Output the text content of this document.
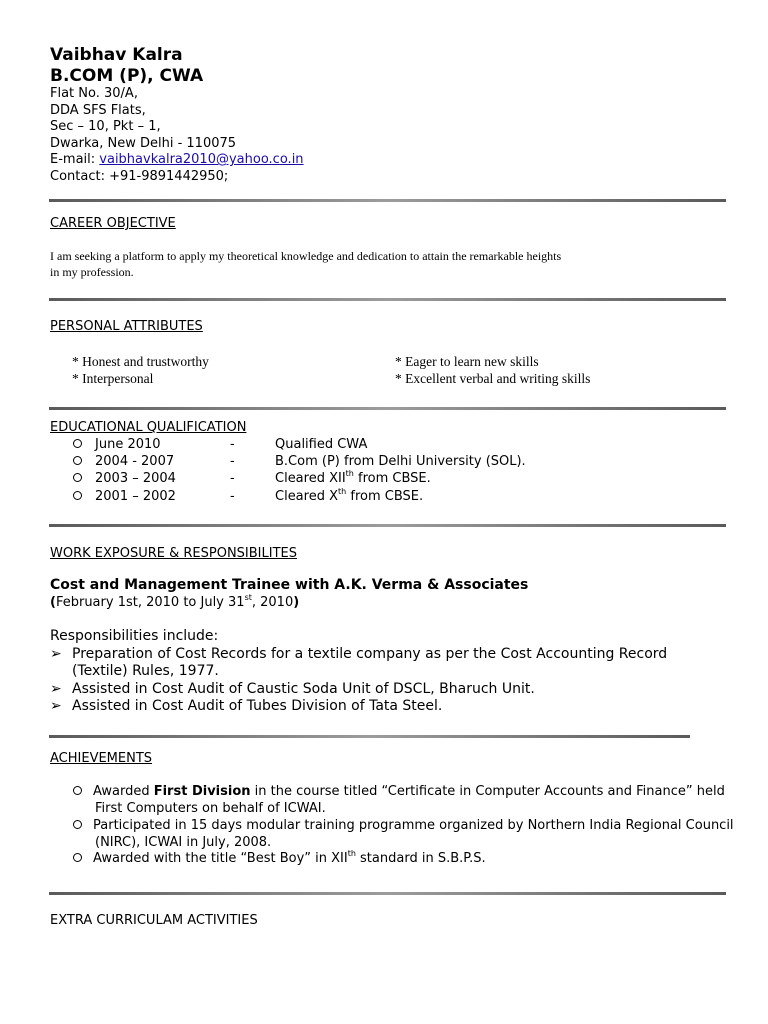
Vaibhav Kalra
B.COM (P), CWA
Flat No. 30/A,
DDA SFS Flats,
Sec – 10, Pkt – 1,
Dwarka, New Delhi - 110075
E-mail: vaibhavkalra2010@yahoo.co.in
Contact: +91-9891442950;
CAREER OBJECTIVE
I am seeking a platform to apply my theoretical knowledge and dedication to attain the remarkable heights
in my profession.
PERSONAL ATTRIBUTES
* Honest and trustworthy	* Eager to learn new skills
* Interpersonal	* Excellent verbal and writing skills
EDUCATIONAL QUALIFICATION
June 2010	-	Qualified CWA
2004 - 2007	-	B.Com (P) from Delhi University (SOL).
2003 – 2004	-	Cleared XIIth from CBSE.
2001 – 2002	-	Cleared Xth from CBSE.
WORK EXPOSURE & RESPONSIBILITES
Cost and Management Trainee with A.K. Verma & Associates
(February 1st, 2010 to July 31st, 2010)
Responsibilities include:
➢ Preparation of Cost Records for a textile company as per the Cost Accounting Record
(Textile) Rules, 1977.
➢ Assisted in Cost Audit of Caustic Soda Unit of DSCL, Bharuch Unit.
➢ Assisted in Cost Audit of Tubes Division of Tata Steel.
ACHIEVEMENTS
Awarded First Division in the course titled “Certificate in Computer Accounts and Finance” held
First Computers on behalf of ICWAI.
Participated in 15 days modular training programme organized by Northern India Regional Council
(NIRC), ICWAI in July, 2008.
Awarded with the title “Best Boy” in XIIth standard in S.B.P.S.
EXTRA CURRICULAM ACTIVITIES
